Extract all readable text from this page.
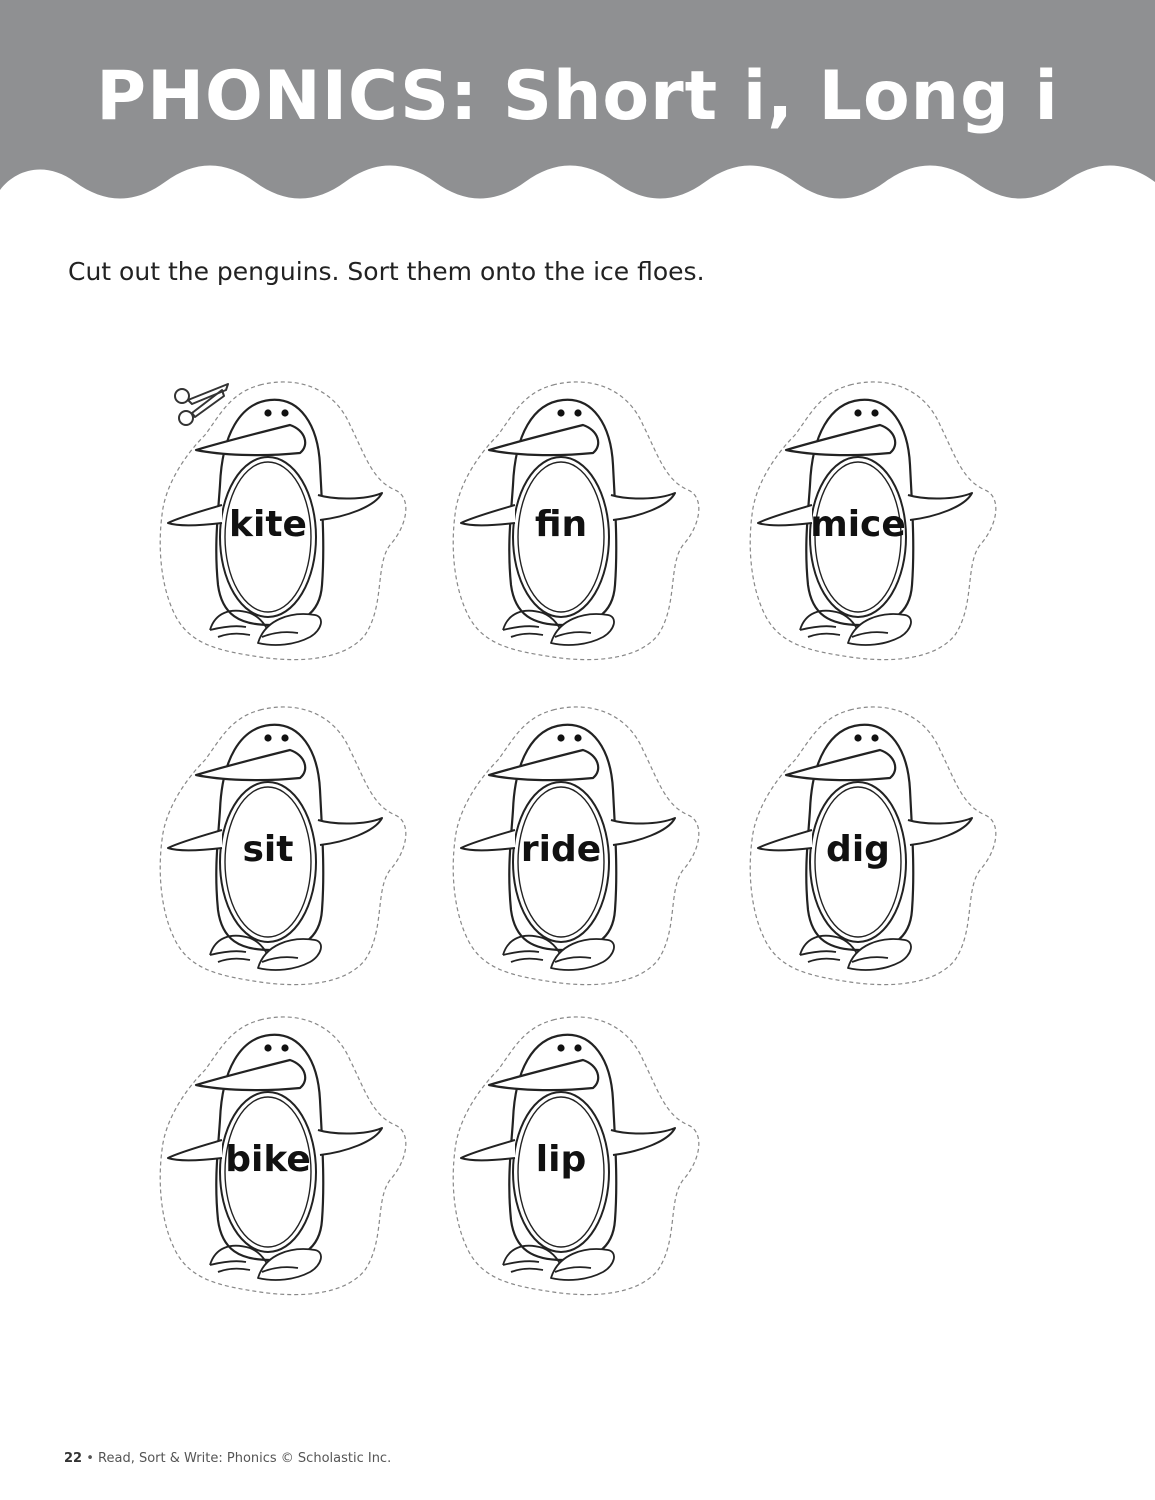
PHONICS: Short i, Long i

Cut out the penguins. Sort them onto the ice floes.

kite	fin	mice
sit	ride	dig
bike	lip

22 • Read, Sort & Write: Phonics © Scholastic Inc.
